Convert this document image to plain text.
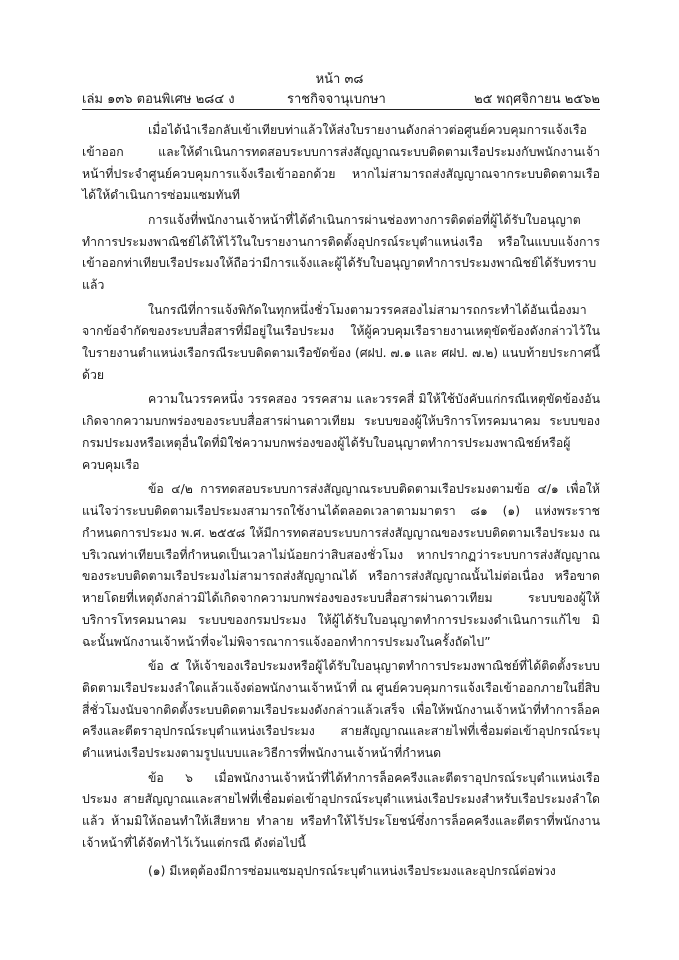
หน้า ๓๘
เล่ม ๑๓๖ ตอนพิเศษ ๒๘๔ ง	ราชกิจจานุเบกษา	๒๕ พฤศจิกายน ๒๕๖๒

เมื่อได้นำเรือกลับเข้าเทียบท่าแล้วให้ส่งใบรายงานดังกล่าวต่อศูนย์ควบคุมการแจ้งเรือเข้าออก และให้ดำเนินการทดสอบระบบการส่งสัญญาณระบบติดตามเรือประมงกับพนักงานเจ้าหน้าที่ประจำศูนย์ควบคุมการแจ้งเรือเข้าออกด้วย หากไม่สามารถส่งสัญญาณจากระบบติดตามเรือได้ให้ดำเนินการซ่อมแซมทันที

การแจ้งที่พนักงานเจ้าหน้าที่ได้ดำเนินการผ่านช่องทางการติดต่อที่ผู้ได้รับใบอนุญาตทำการประมงพาณิชย์ได้ให้ไว้ในใบรายงานการติดตั้งอุปกรณ์ระบุตำแหน่งเรือ หรือในแบบแจ้งการเข้าออกท่าเทียบเรือประมงให้ถือว่ามีการแจ้งและผู้ได้รับใบอนุญาตทำการประมงพาณิชย์ได้รับทราบแล้ว

ในกรณีที่การแจ้งพิกัดในทุกหนึ่งชั่วโมงตามวรรคสองไม่สามารถกระทำได้อันเนื่องมาจากข้อจำกัดของระบบสื่อสารที่มีอยู่ในเรือประมง ให้ผู้ควบคุมเรือรายงานเหตุขัดข้องดังกล่าวไว้ในใบรายงานตำแหน่งเรือกรณีระบบติดตามเรือขัดข้อง (ศฝป. ๗.๑ และ ศฝป. ๗.๒) แนบท้ายประกาศนี้ด้วย

ความในวรรคหนึ่ง วรรคสอง วรรคสาม และวรรคสี่ มิให้ใช้บังคับแก่กรณีเหตุขัดข้องอันเกิดจากความบกพร่องของระบบสื่อสารผ่านดาวเทียม ระบบของผู้ให้บริการโทรคมนาคม ระบบของกรมประมงหรือเหตุอื่นใดที่มิใช่ความบกพร่องของผู้ได้รับใบอนุญาตทำการประมงพาณิชย์หรือผู้ควบคุมเรือ

ข้อ ๔/๒ การทดสอบระบบการส่งสัญญาณระบบติดตามเรือประมงตามข้อ ๔/๑ เพื่อให้แน่ใจว่าระบบติดตามเรือประมงสามารถใช้งานได้ตลอดเวลาตามมาตรา ๘๑ (๑) แห่งพระราชกำหนดการประมง พ.ศ. ๒๕๕๘ ให้มีการทดสอบระบบการส่งสัญญาณของระบบติดตามเรือประมง ณ บริเวณท่าเทียบเรือที่กำหนดเป็นเวลาไม่น้อยกว่าสิบสองชั่วโมง หากปรากฏว่าระบบการส่งสัญญาณของระบบติดตามเรือประมงไม่สามารถส่งสัญญาณได้ หรือการส่งสัญญาณนั้นไม่ต่อเนื่อง หรือขาดหายโดยที่เหตุดังกล่าวมิได้เกิดจากความบกพร่องของระบบสื่อสารผ่านดาวเทียม ระบบของผู้ให้บริการโทรคมนาคม ระบบของกรมประมง ให้ผู้ได้รับใบอนุญาตทำการประมงดำเนินการแก้ไข มิฉะนั้นพนักงานเจ้าหน้าที่จะไม่พิจารณาการแจ้งออกทำการประมงในครั้งถัดไป”

ข้อ ๕ ให้เจ้าของเรือประมงหรือผู้ได้รับใบอนุญาตทำการประมงพาณิชย์ที่ได้ติดตั้งระบบติดตามเรือประมงลำใดแล้วแจ้งต่อพนักงานเจ้าหน้าที่ ณ ศูนย์ควบคุมการแจ้งเรือเข้าออกภายในยี่สิบสี่ชั่วโมงนับจากติดตั้งระบบติดตามเรือประมงดังกล่าวแล้วเสร็จ เพื่อให้พนักงานเจ้าหน้าที่ทำการล็อคครีงและตีตราอุปกรณ์ระบุตำแหน่งเรือประมง สายสัญญาณและสายไฟที่เชื่อมต่อเข้าอุปกรณ์ระบุตำแหน่งเรือประมงตามรูปแบบและวิธีการที่พนักงานเจ้าหน้าที่กำหนด

ข้อ ๖ เมื่อพนักงานเจ้าหน้าที่ได้ทำการล็อคครีงและตีตราอุปกรณ์ระบุตำแหน่งเรือประมง สายสัญญาณและสายไฟที่เชื่อมต่อเข้าอุปกรณ์ระบุตำแหน่งเรือประมงสำหรับเรือประมงลำใดแล้ว ห้ามมิให้ถอนทำให้เสียหาย ทำลาย หรือทำให้ไร้ประโยชน์ซึ่งการล็อคครีงและตีตราที่พนักงานเจ้าหน้าที่ได้จัดทำไว้เว้นแต่กรณี ดังต่อไปนี้

(๑) มีเหตุต้องมีการซ่อมแซมอุปกรณ์ระบุตำแหน่งเรือประมงและอุปกรณ์ต่อพ่วง
